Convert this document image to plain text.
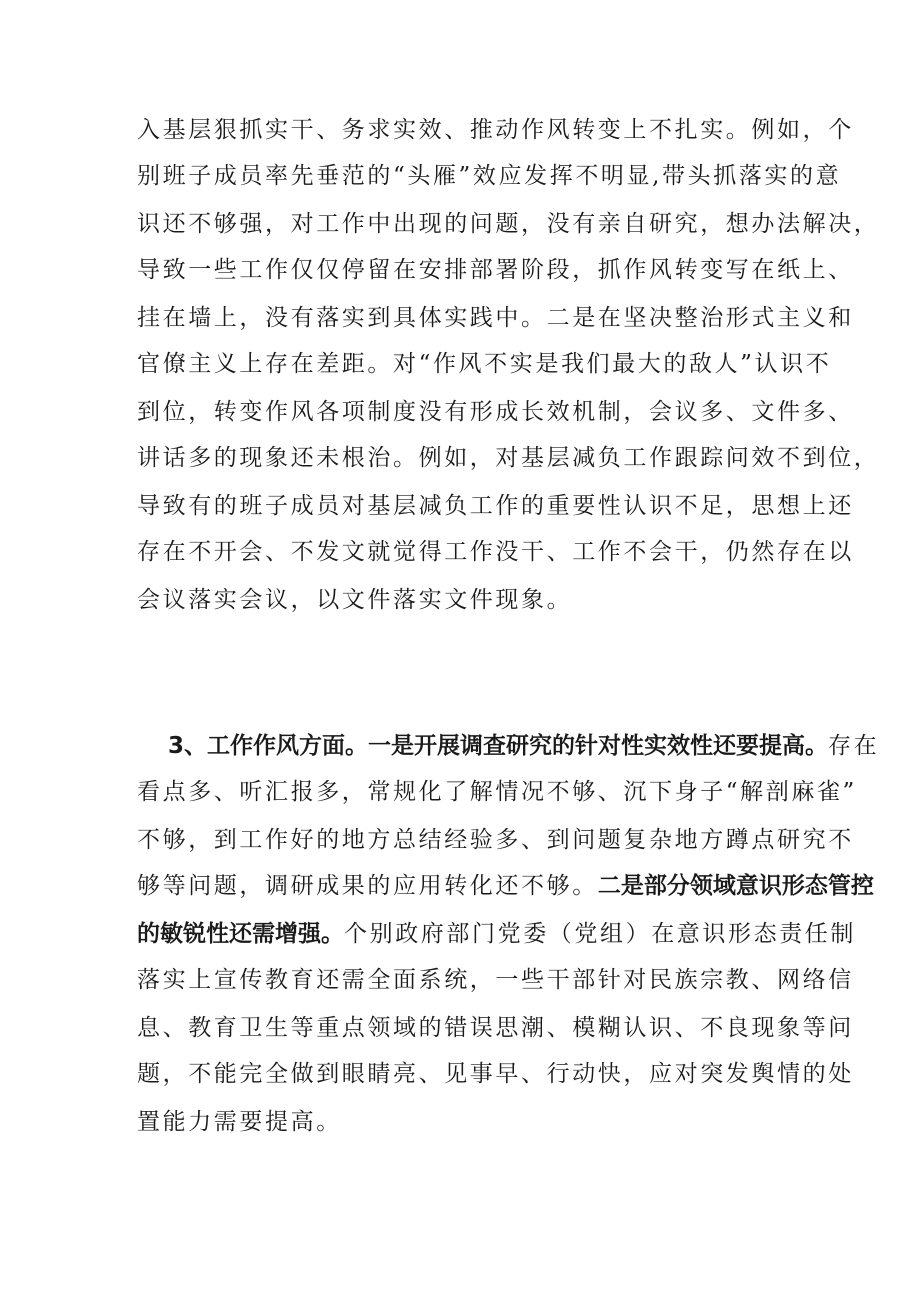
入基层狠抓实干、务求实效、推动作风转变上不扎实。例如，个
别班子成员率先垂范的“头雁”效应发挥不明显,带头抓落实的意
识还不够强，对工作中出现的问题，没有亲自研究，想办法解决，
导致一些工作仅仅停留在安排部署阶段，抓作风转变写在纸上、
挂在墙上，没有落实到具体实践中。二是在坚决整治形式主义和
官僚主义上存在差距。对“作风不实是我们最大的敌人”认识不
到位，转变作风各项制度没有形成长效机制，会议多、文件多、
讲话多的现象还未根治。例如，对基层减负工作跟踪问效不到位，
导致有的班子成员对基层减负工作的重要性认识不足，思想上还
存在不开会、不发文就觉得工作没干、工作不会干，仍然存在以
会议落实会议，以文件落实文件现象。
3、工作作风方面。一是开展调查研究的针对性实效性还要提高。存在
看点多、听汇报多，常规化了解情况不够、沉下身子“解剖麻雀”
不够，到工作好的地方总结经验多、到问题复杂地方蹲点研究不
够等问题，调研成果的应用转化还不够。二是部分领域意识形态管控
的敏锐性还需增强。个别政府部门党委（党组）在意识形态责任制
落实上宣传教育还需全面系统，一些干部针对民族宗教、网络信
息、教育卫生等重点领域的错误思潮、模糊认识、不良现象等问
题，不能完全做到眼睛亮、见事早、行动快，应对突发舆情的处
置能力需要提高。
